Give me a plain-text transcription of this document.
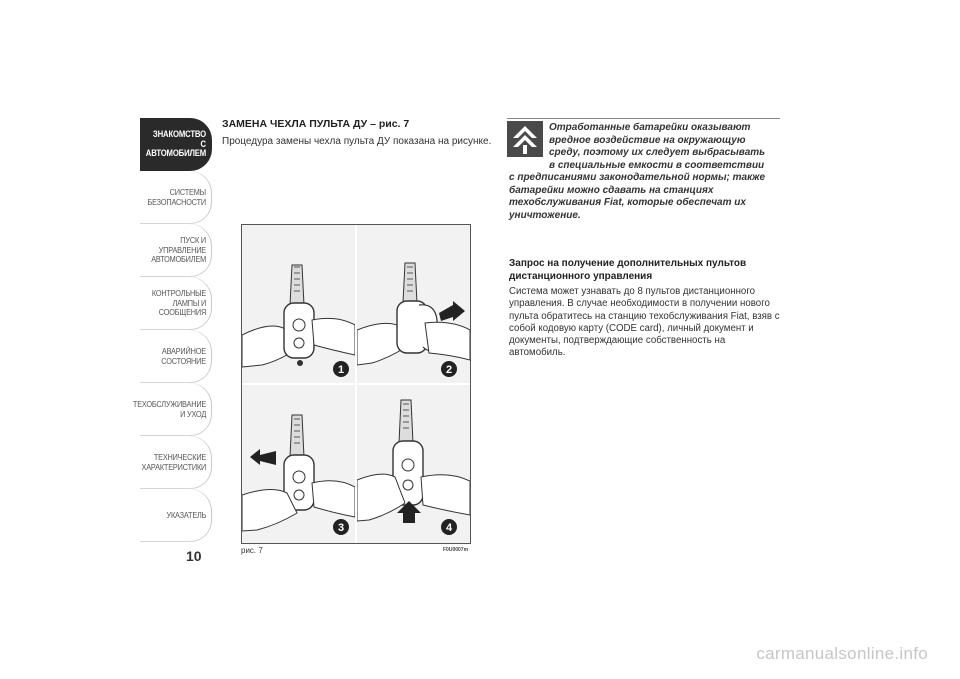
ЗНАКОМСТВО С
АВТОМОБИЛЕМ
СИСТЕМЫ
БЕЗОПАСНОСТИ
ПУСК И УПРАВЛЕНИЕ
АВТОМОБИЛЕМ
КОНТРОЛЬНЫЕ
ЛАМПЫ И
СООБЩЕНИЯ
АВАРИЙНОЕ
СОСТОЯНИЕ
ТЕХОБСЛУЖИВАНИЕ
И УХОД
ТЕХНИЧЕСКИЕ
ХАРАКТЕРИСТИКИ
УКАЗАТЕЛЬ
10
ЗАМЕНА ЧЕХЛА ПУЛЬТА ДУ – рис. 7
Процедура замены чехла пульта ДУ показана на рисунке.
1	2
3	4
рис. 7	F0U0007m
Отработанные батарейки оказывают
вредное воздействие на окружающую
среду, поэтому их следует выбрасывать
в специальные емкости в соответствии
с предписаниями законодательной нормы; также
батарейки можно сдавать на станциях
техобслуживания Fiat, которые обеспечат их
уничтожение.
Запрос на получение дополнительных пультов дистанционного управления
Система может узнавать до 8 пультов дистанционного управления. В случае необходимости в получении нового пульта обратитесь на станцию техобслуживания Fiat, взяв с собой кодовую карту (CODE card), личный документ и документы, подтверждающие собственность на автомобиль.
carmanualsonline.info
